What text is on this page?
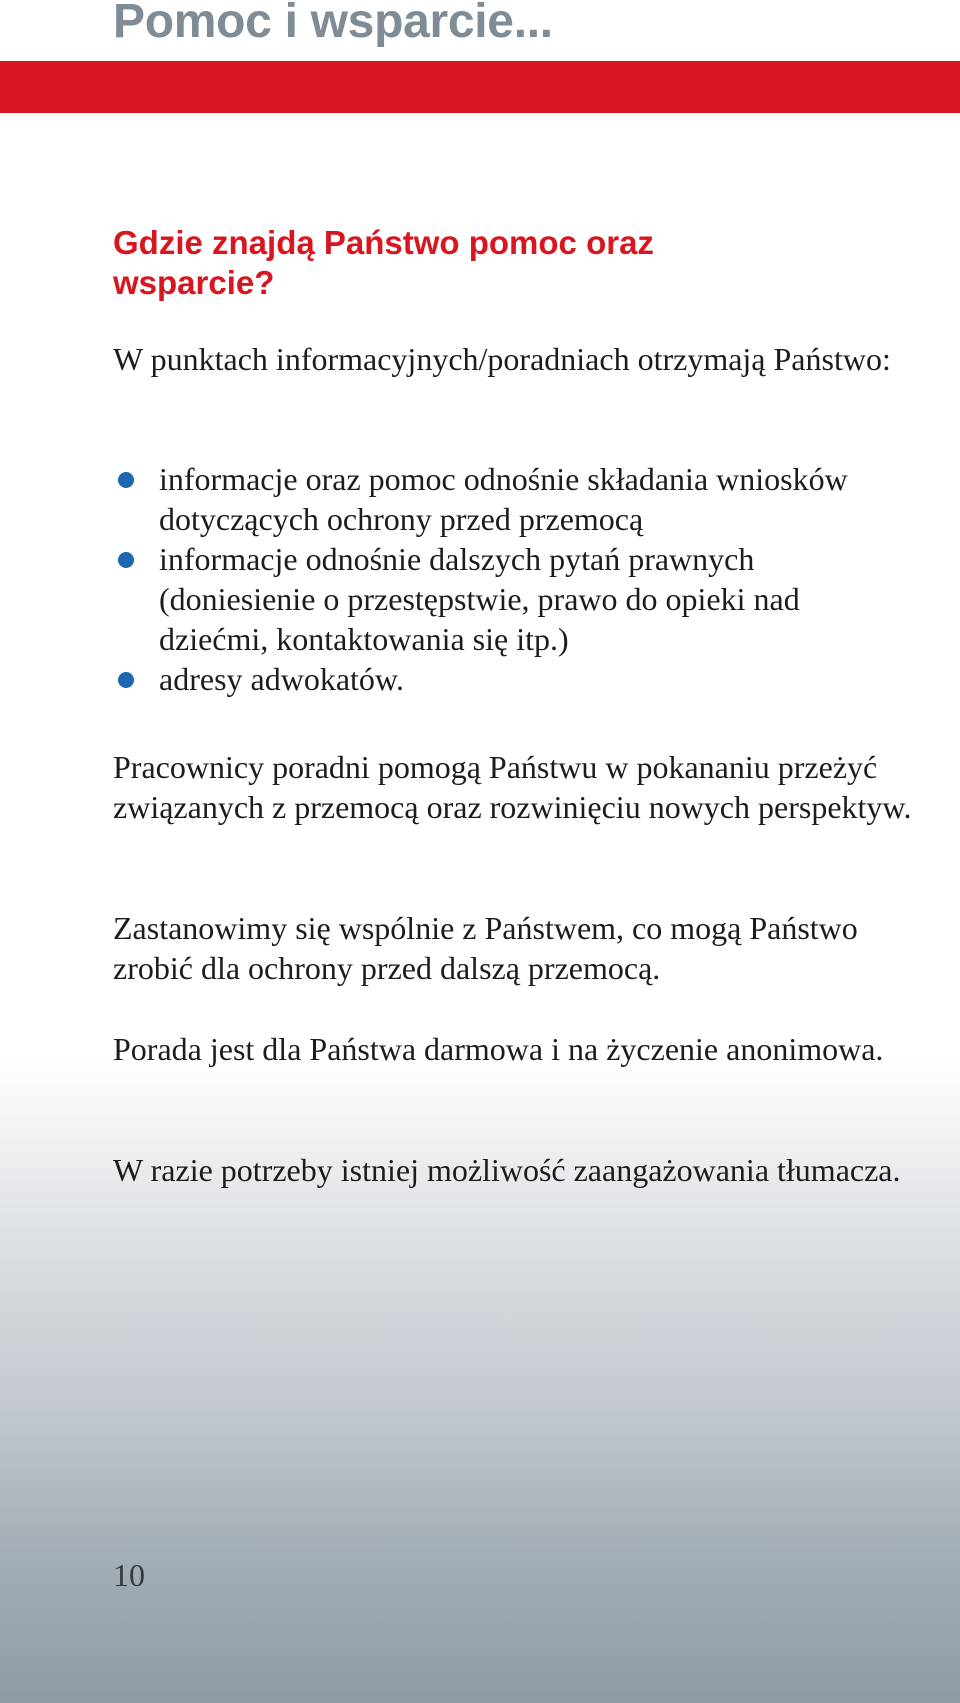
Pomoc i wsparcie...
Gdzie znajdą Państwo pomoc oraz wsparcie?

W punktach informacyjnych/poradniach otrzymają Państwo:

informacje oraz pomoc odnośnie składania wniosków dotyczących ochrony przed przemocą
informacje odnośnie dalszych pytań prawnych (doniesienie o przestępstwie, prawo do opieki nad dziećmi, kontaktowania się itp.)
adresy adwokatów.

Pracownicy poradni pomogą Państwu w pokananiu przeżyć związanych z przemocą oraz rozwinięciu nowych perspektyw.

Zastanowimy się wspólnie z Państwem, co mogą Państwo zrobić dla ochrony przed dalszą przemocą.

Porada jest dla Państwa darmowa i na życzenie anonimowa.

W razie potrzeby istniej możliwość zaangażowania tłumacza.

10
